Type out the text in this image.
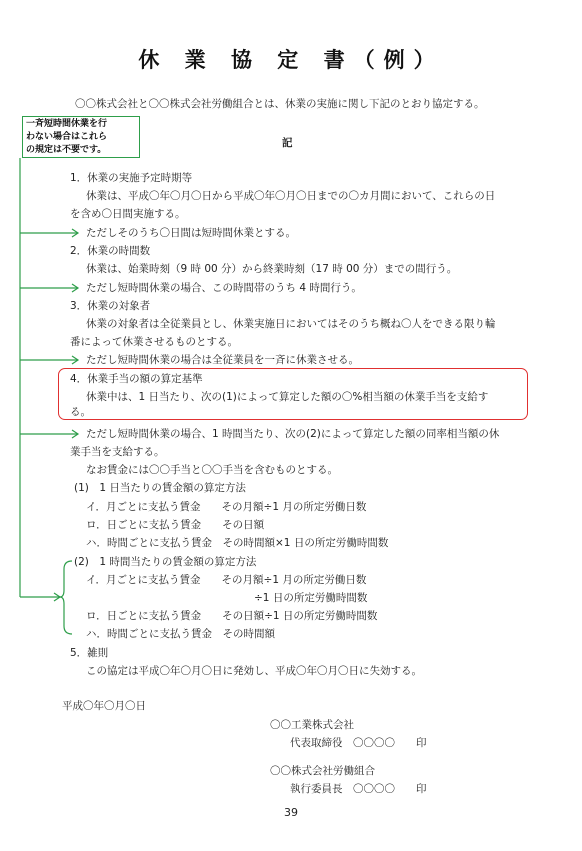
休 業 協 定 書（例）
〇〇株式会社と〇〇株式会社労働組合とは、休業の実施に関し下記のとおり協定する。
一斉短時間休業を行
わない場合はこれら
の規定は不要です。
記
1．休業の実施予定時期等
休業は、平成〇年〇月〇日から平成〇年〇月〇日までの〇カ月間において、これらの日
を含め〇日間実施する。
ただしそのうち〇日間は短時間休業とする。
2．休業の時間数
休業は、始業時刻（9 時 00 分）から終業時刻（17 時 00 分）までの間行う。
ただし短時間休業の場合、この時間帯のうち 4 時間行う。
3．休業の対象者
休業の対象者は全従業員とし、休業実施日においてはそのうち概ね〇人をできる限り輪
番によって休業させるものとする。
ただし短時間休業の場合は全従業員を一斉に休業させる。
4．休業手当の額の算定基準
休業中は、1 日当たり、次の(1)によって算定した額の〇%相当額の休業手当を支給す
る。
ただし短時間休業の場合、1 時間当たり、次の(2)によって算定した額の同率相当額の休
業手当を支給する。
なお賃金には〇〇手当と〇〇手当を含むものとする。
(1)　1 日当たりの賃金額の算定方法
イ．月ごとに支払う賃金　　その月額÷1 月の所定労働日数
ロ．日ごとに支払う賃金　　その日額
ハ．時間ごとに支払う賃金　その時間額×1 日の所定労働時間数
(2)　1 時間当たりの賃金額の算定方法
イ．月ごとに支払う賃金　　その月額÷1 月の所定労働日数
÷1 日の所定労働時間数
ロ．日ごとに支払う賃金　　その日額÷1 日の所定労働時間数
ハ．時間ごとに支払う賃金　その時間額
5．雑則
この協定は平成〇年〇月〇日に発効し、平成〇年〇月〇日に失効する。
平成〇年〇月〇日
〇〇工業株式会社
代表取締役　〇〇〇〇　　印
〇〇株式会社労働組合
執行委員長　〇〇〇〇　　印
39
